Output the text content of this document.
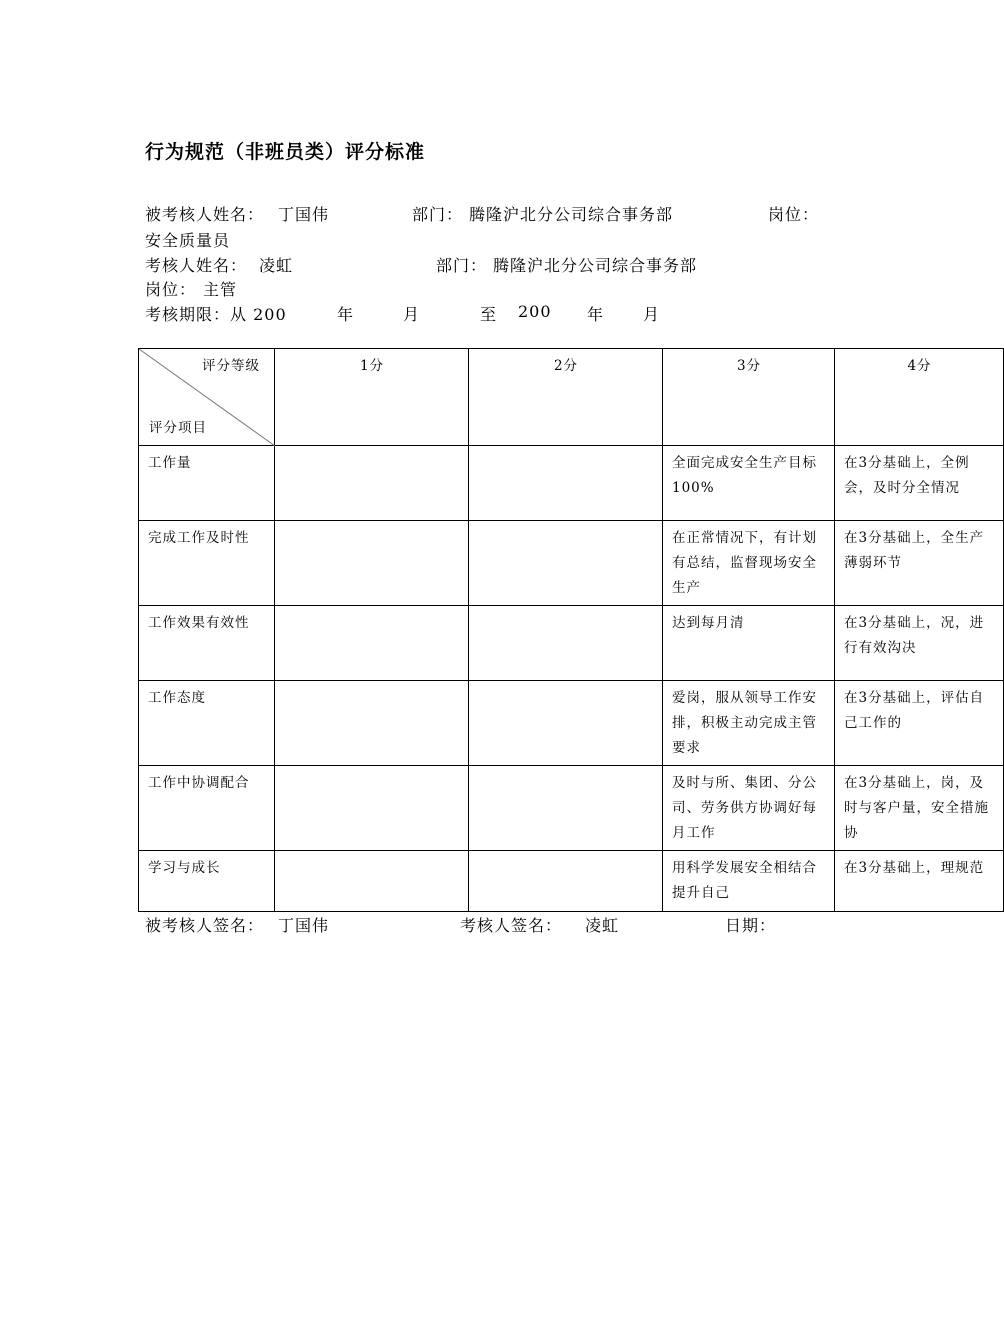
行为规范（非班员类）评分标准
被考核人姓名： 丁国伟	部门： 腾隆沪北分公司综合事务部	岗位：
安全质量员
考核人姓名： 凌虹	部门： 腾隆沪北分公司综合事务部
岗位： 主管
考核期限：从 200	年	月	至 200 年 月
评分等级
评分项目	1分	2分	3分	4分
工作量			全面完成安全生产目标100%	在3分基础上，全例会，及时分全情况
完成工作及时性			在正常情况下，有计划有总结，监督现场安全生产	在3分基础上，全生产薄弱环节
工作效果有效性			达到每月清	在3分基础上，况，进行有效沟决
工作态度			爱岗，服从领导工作安排，积极主动完成主管要求	在3分基础上，评估自己工作的
工作中协调配合			及时与所、集团、分公司、劳务供方协调好每月工作	在3分基础上，岗，及时与客户量，安全措施协
学习与成长			用科学发展安全相结合提升自己	在3分基础上，理规范
被考核人签名： 丁国伟	考核人签名： 凌虹	日期：
